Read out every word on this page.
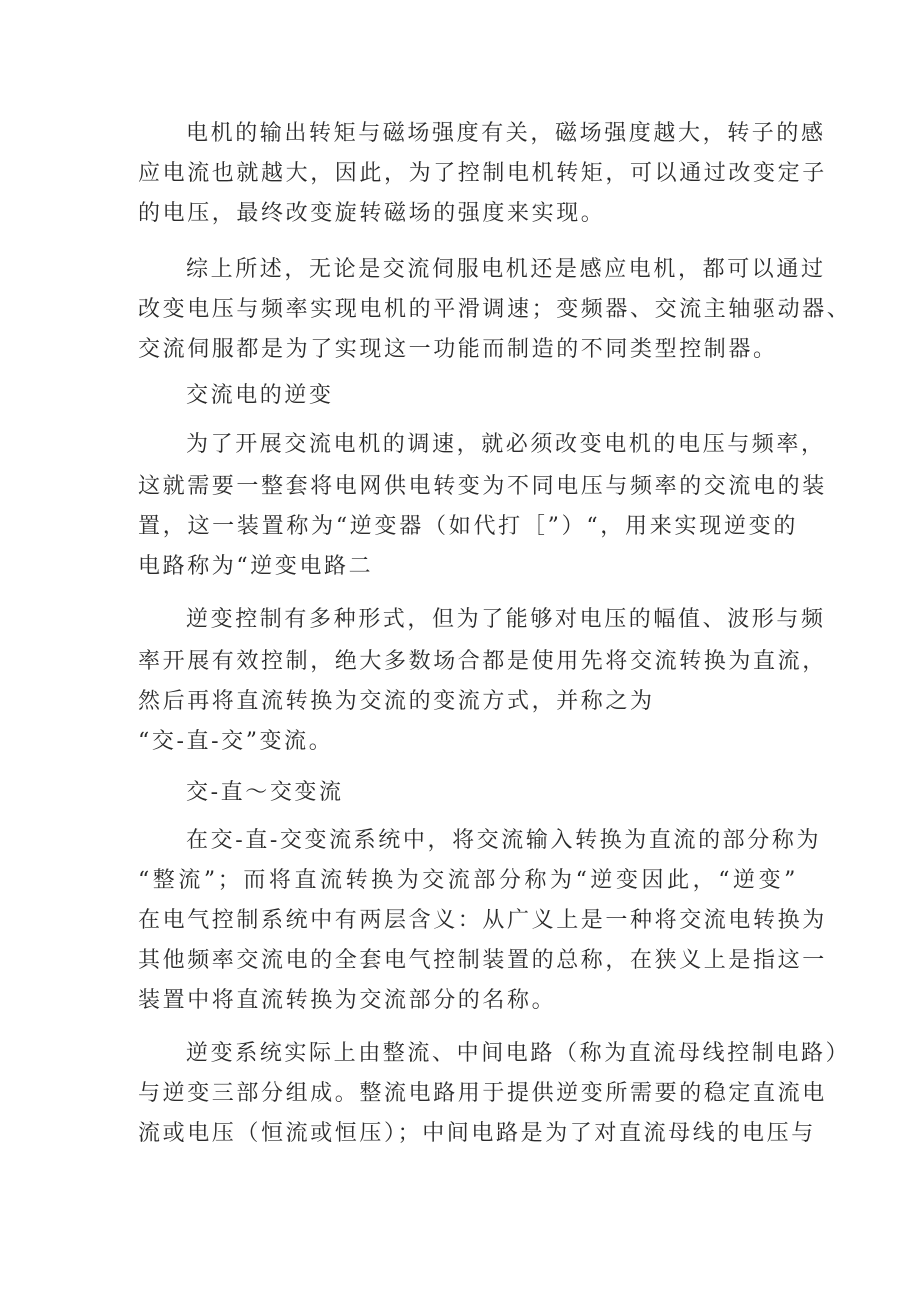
电机的输出转矩与磁场强度有关，磁场强度越大，转子的感
应电流也就越大，因此，为了控制电机转矩，可以通过改变定子
的电压，最终改变旋转磁场的强度来实现。
综上所述，无论是交流伺服电机还是感应电机，都可以通过
改变电压与频率实现电机的平滑调速；变频器、交流主轴驱动器、
交流伺服都是为了实现这一功能而制造的不同类型控制器。
交流电的逆变
为了开展交流电机的调速，就必须改变电机的电压与频率，
这就需要一整套将电网供电转变为不同电压与频率的交流电的装
置，这一装置称为“逆变器（如代打［”）“，用来实现逆变的
电路称为“逆变电路二
逆变控制有多种形式，但为了能够对电压的幅值、波形与频
率开展有效控制，绝大多数场合都是使用先将交流转换为直流，
然后再将直流转换为交流的变流方式，并称之为
“交-直-交”变流。
交-直～交变流
在交-直-交变流系统中，将交流输入转换为直流的部分称为
“整流”；而将直流转换为交流部分称为“逆变因此，“逆变”
在电气控制系统中有两层含义：从广义上是一种将交流电转换为
其他频率交流电的全套电气控制装置的总称，在狭义上是指这一
装置中将直流转换为交流部分的名称。
逆变系统实际上由整流、中间电路（称为直流母线控制电路）
与逆变三部分组成。整流电路用于提供逆变所需要的稳定直流电
流或电压（恒流或恒压）；中间电路是为了对直流母线的电压与
